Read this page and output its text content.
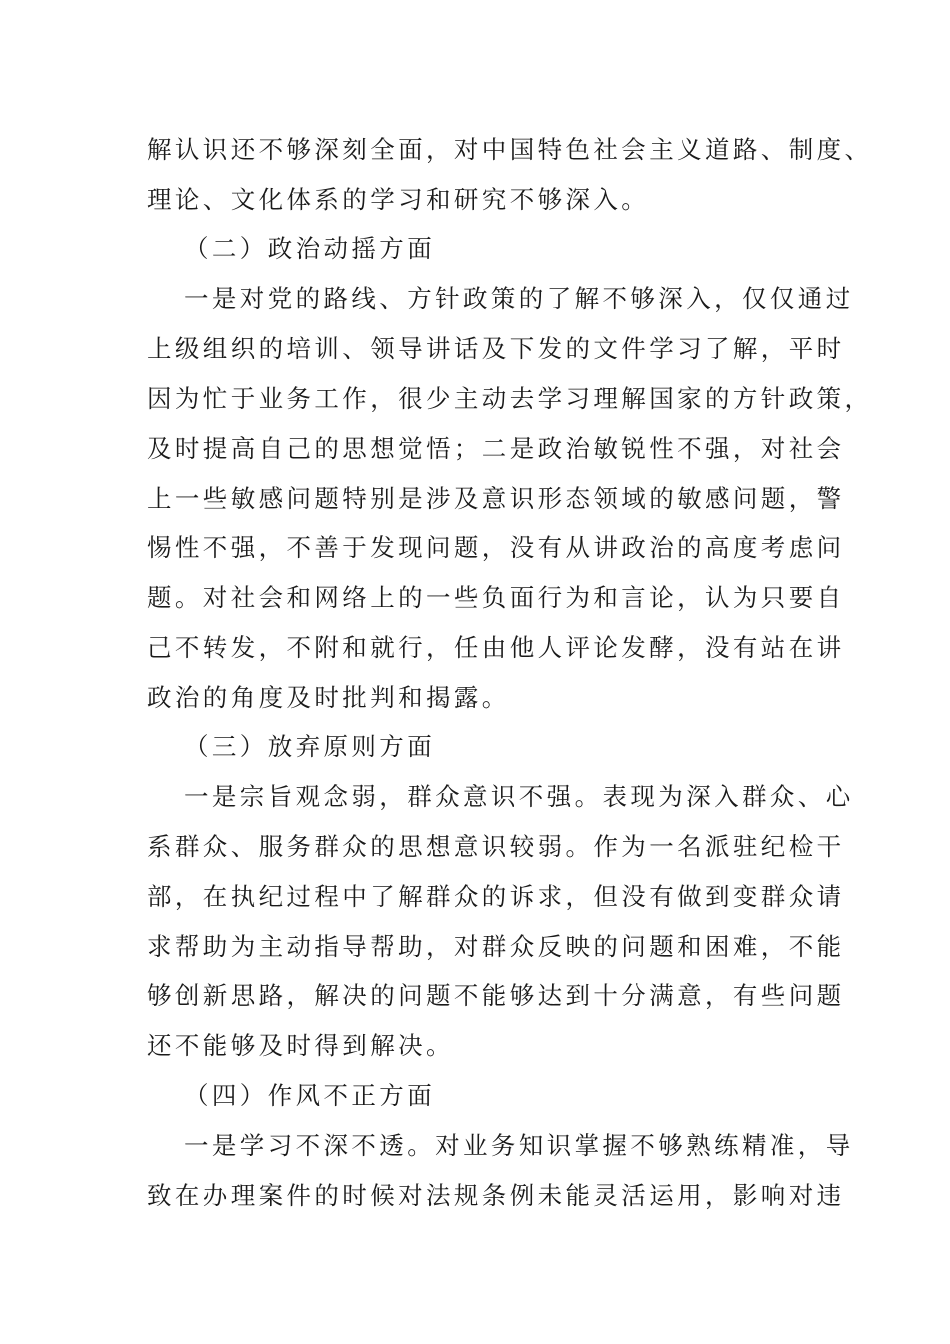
解认识还不够深刻全面，对中国特色社会主义道路、制度、
理论、文化体系的学习和研究不够深入。
（二）政治动摇方面
一是对党的路线、方针政策的了解不够深入，仅仅通过
上级组织的培训、领导讲话及下发的文件学习了解，平时
因为忙于业务工作，很少主动去学习理解国家的方针政策，
及时提高自己的思想觉悟；二是政治敏锐性不强，对社会
上一些敏感问题特别是涉及意识形态领域的敏感问题，警
惕性不强，不善于发现问题，没有从讲政治的高度考虑问
题。对社会和网络上的一些负面行为和言论，认为只要自
己不转发，不附和就行，任由他人评论发酵，没有站在讲
政治的角度及时批判和揭露。
（三）放弃原则方面
一是宗旨观念弱，群众意识不强。表现为深入群众、心
系群众、服务群众的思想意识较弱。作为一名派驻纪检干
部，在执纪过程中了解群众的诉求，但没有做到变群众请
求帮助为主动指导帮助，对群众反映的问题和困难，不能
够创新思路，解决的问题不能够达到十分满意，有些问题
还不能够及时得到解决。
（四）作风不正方面
一是学习不深不透。对业务知识掌握不够熟练精准，导
致在办理案件的时候对法规条例未能灵活运用，影响对违
